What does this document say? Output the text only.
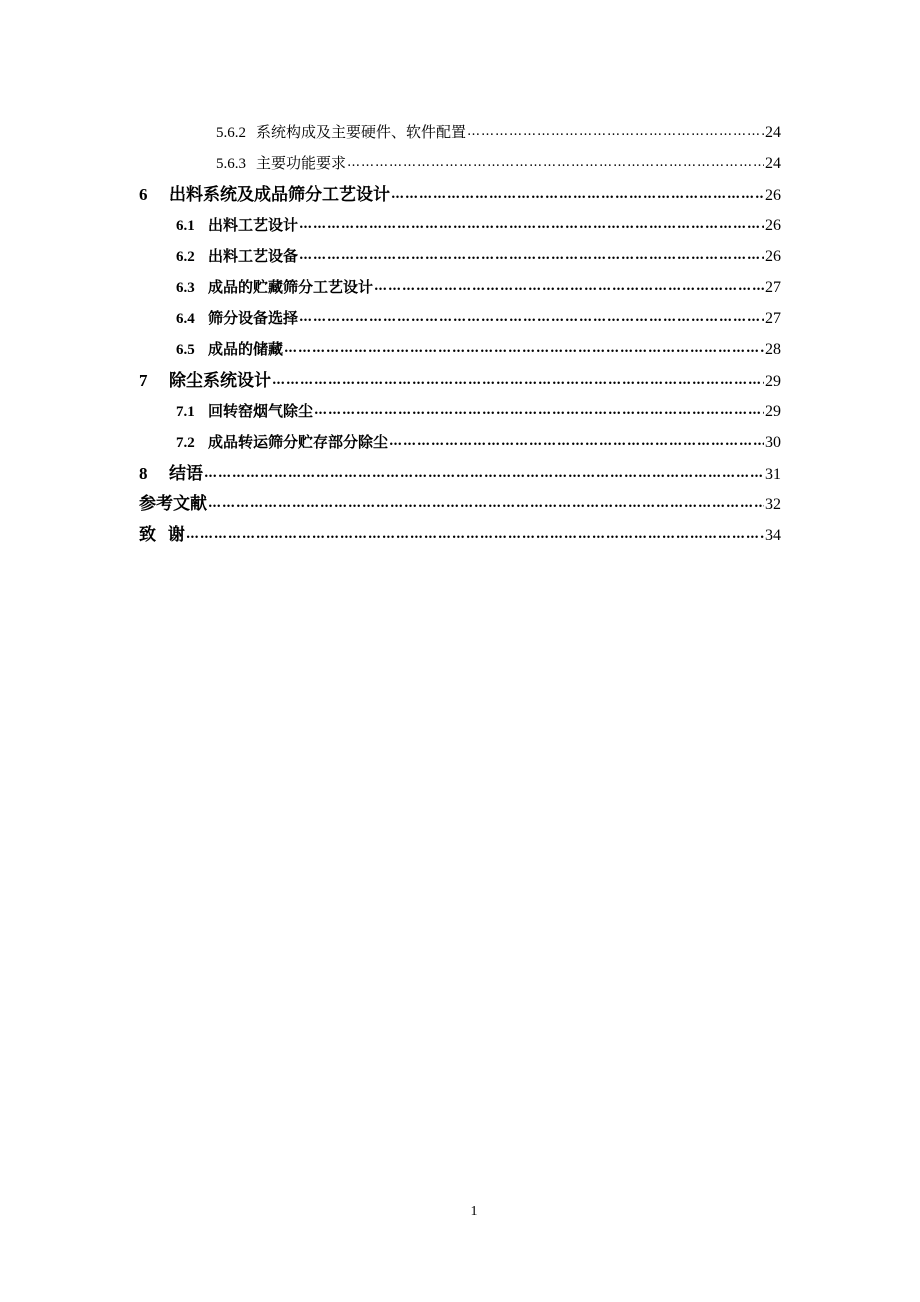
5.6.2 系统构成及主要硬件、软件配置 …………………………………………………………………………………………………………………………………………………………………………………………………………	24
5.6.3 主要功能要求 …………………………………………………………………………………………………………………………………………………………………………………………………………	24
6	出料系统及成品筛分工艺设计 …………………………………………………………………………………………………………………………………………………………………………………………………………	26
6.1 出料工艺设计 …………………………………………………………………………………………………………………………………………………………………………………………………………	26
6.2 出料工艺设备 …………………………………………………………………………………………………………………………………………………………………………………………………………	26
6.3 成品的贮藏筛分工艺设计 …………………………………………………………………………………………………………………………………………………………………………………………………………	27
6.4 筛分设备选择 …………………………………………………………………………………………………………………………………………………………………………………………………………	27
6.5 成品的储藏 …………………………………………………………………………………………………………………………………………………………………………………………………………	28
7	除尘系统设计 …………………………………………………………………………………………………………………………………………………………………………………………………………	29
7.1 回转窑烟气除尘 …………………………………………………………………………………………………………………………………………………………………………………………………………	29
7.2 成品转运筛分贮存部分除尘 …………………………………………………………………………………………………………………………………………………………………………………………………………	30
8	结语 …………………………………………………………………………………………………………………………………………………………………………………………………………	31
参考文献 …………………………………………………………………………………………………………………………………………………………………………………………………………	32
致  谢 …………………………………………………………………………………………………………………………………………………………………………………………………………	34
1
